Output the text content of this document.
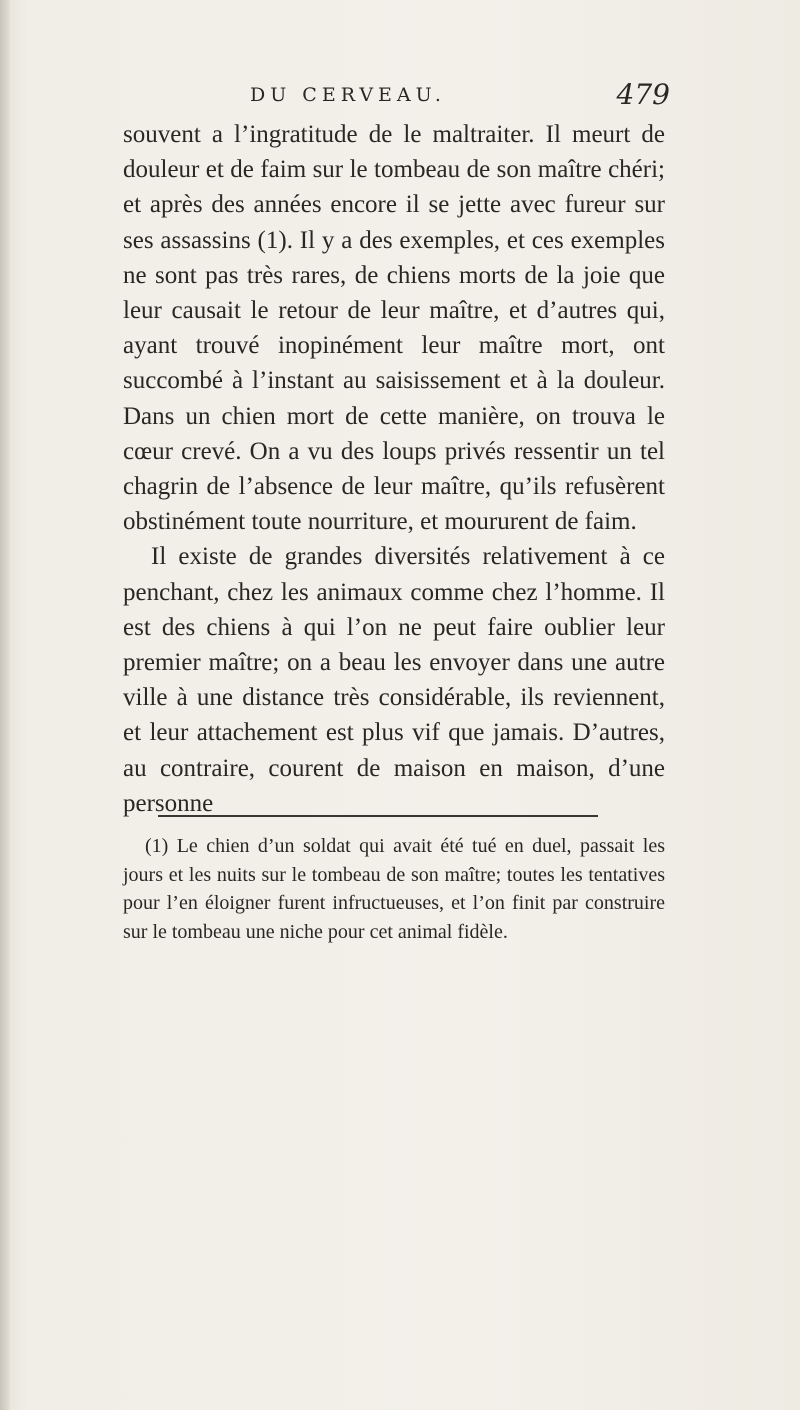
DU CERVEAU.	479

souvent a l’ingratitude de le maltraiter. Il meurt de douleur et de faim sur le tombeau de son maître chéri; et après des années encore il se jette avec fureur sur ses assassins (1). Il y a des exemples, et ces exemples ne sont pas très rares, de chiens morts de la joie que leur causait le retour de leur maître, et d’autres qui, ayant trouvé inopinément leur maître mort, ont succombé à l’instant au saisissement et à la douleur. Dans un chien mort de cette manière, on trouva le cœur crevé. On a vu des loups privés ressentir un tel chagrin de l’absence de leur maître, qu’ils refusèrent obstinément toute nourriture, et moururent de faim.

Il existe de grandes diversités relativement à ce penchant, chez les animaux comme chez l’homme. Il est des chiens à qui l’on ne peut faire oublier leur premier maître; on a beau les envoyer dans une autre ville à une distance très considérable, ils reviennent, et leur attachement est plus vif que jamais. D’autres, au contraire, courent de maison en maison, d’une personne

(1) Le chien d’un soldat qui avait été tué en duel, passait les jours et les nuits sur le tombeau de son maître; toutes les tentatives pour l’en éloigner furent infructueuses, et l’on finit par construire sur le tombeau une niche pour cet animal fidèle.
